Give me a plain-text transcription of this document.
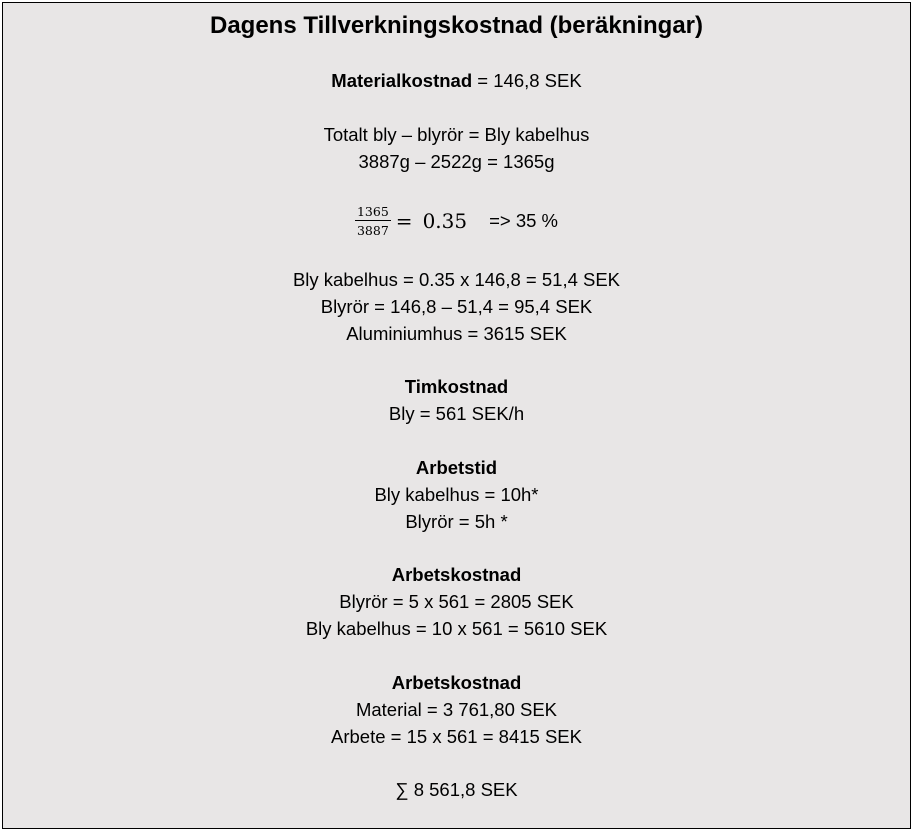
Dagens Tillverkningskostnad (beräkningar)
Materialkostnad = 146,8 SEK
Totalt bly – blyrör = Bly kabelhus
3887g – 2522g = 1365g
$\frac{1365}{3887} = 0.35 => 35$ %
Bly kabelhus = 0.35 x 146,8 = 51,4 SEK
Blyrör = 146,8 – 51,4 = 95,4 SEK
Aluminiumhus = 3615 SEK
Timkostnad
Bly = 561 SEK/h
Arbetstid
Bly kabelhus = 10h*
Blyrör = 5h *
Arbetskostnad
Blyrör = 5 x 561 = 2805 SEK
Bly kabelhus = 10 x 561 = 5610 SEK
Arbetskostnad
Material = 3 761,80 SEK
Arbete = 15 x 561 = 8415 SEK
∑ 8 561,8 SEK
